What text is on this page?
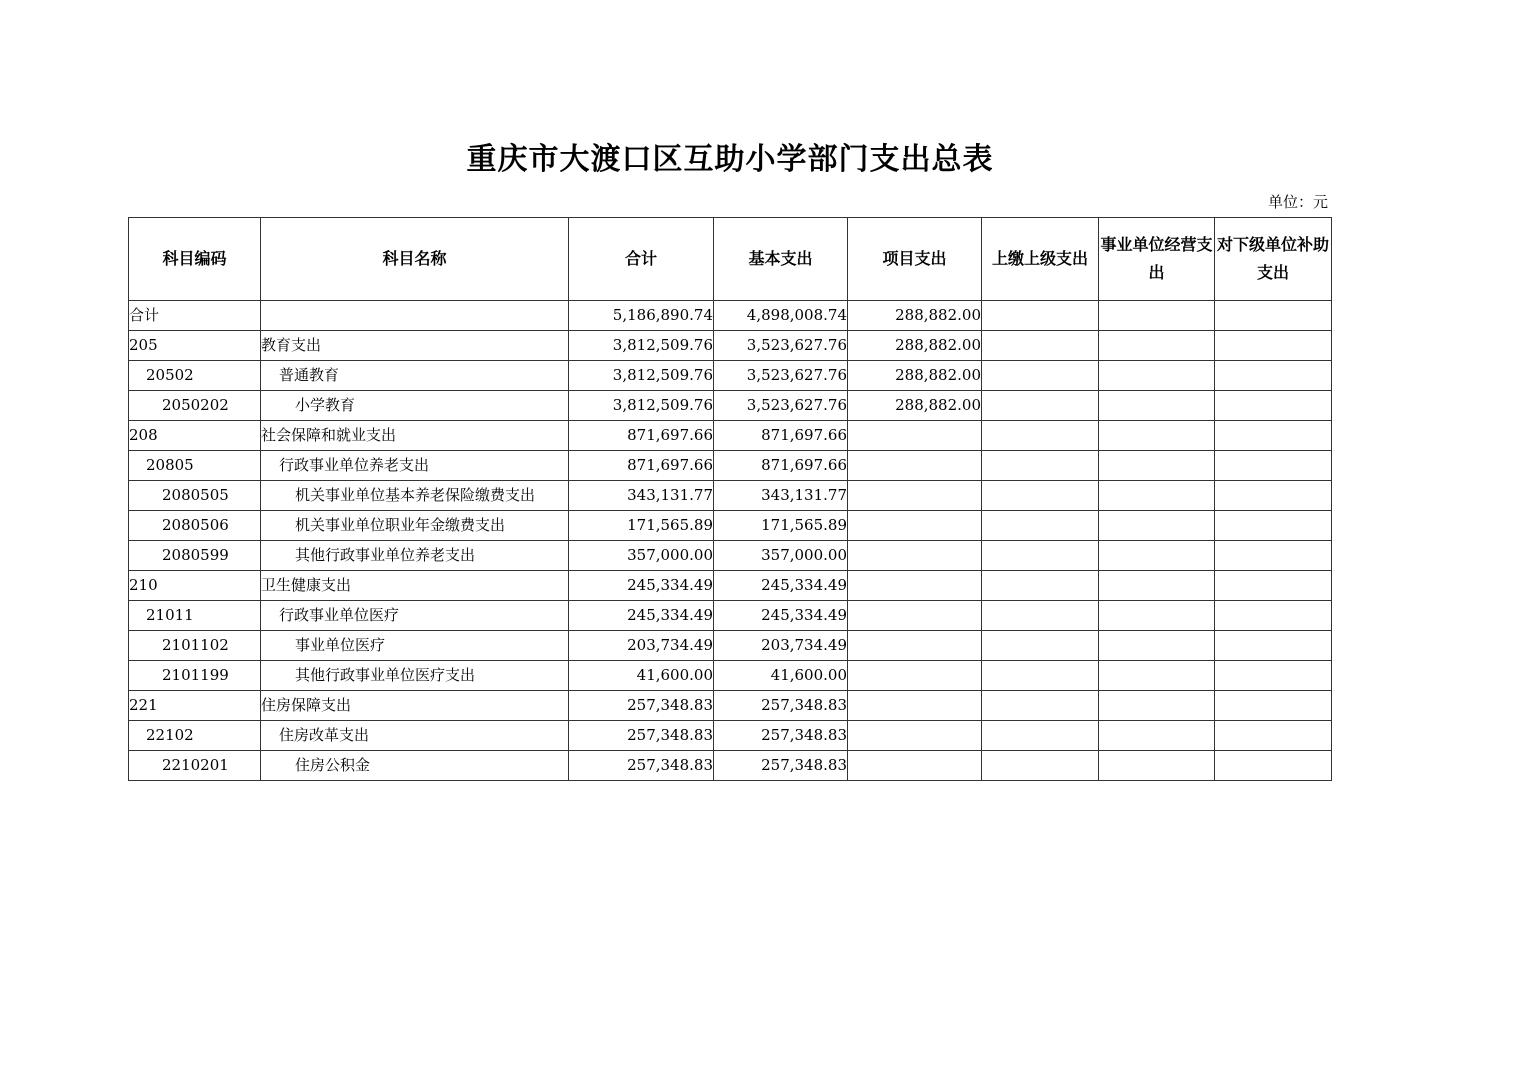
重庆市大渡口区互助小学部门支出总表
单位：元
科目编码	科目名称	合计	基本支出	项目支出	上缴上级支出	事业单位经营支出	对下级单位补助支出
合计		5,186,890.74	4,898,008.74	288,882.00			
205	教育支出	3,812,509.76	3,523,627.76	288,882.00			
20502	普通教育	3,812,509.76	3,523,627.76	288,882.00			
2050202	小学教育	3,812,509.76	3,523,627.76	288,882.00			
208	社会保障和就业支出	871,697.66	871,697.66				
20805	行政事业单位养老支出	871,697.66	871,697.66				
2080505	机关事业单位基本养老保险缴费支出	343,131.77	343,131.77				
2080506	机关事业单位职业年金缴费支出	171,565.89	171,565.89				
2080599	其他行政事业单位养老支出	357,000.00	357,000.00				
210	卫生健康支出	245,334.49	245,334.49				
21011	行政事业单位医疗	245,334.49	245,334.49				
2101102	事业单位医疗	203,734.49	203,734.49				
2101199	其他行政事业单位医疗支出	41,600.00	41,600.00				
221	住房保障支出	257,348.83	257,348.83				
22102	住房改革支出	257,348.83	257,348.83				
2210201	住房公积金	257,348.83	257,348.83				
